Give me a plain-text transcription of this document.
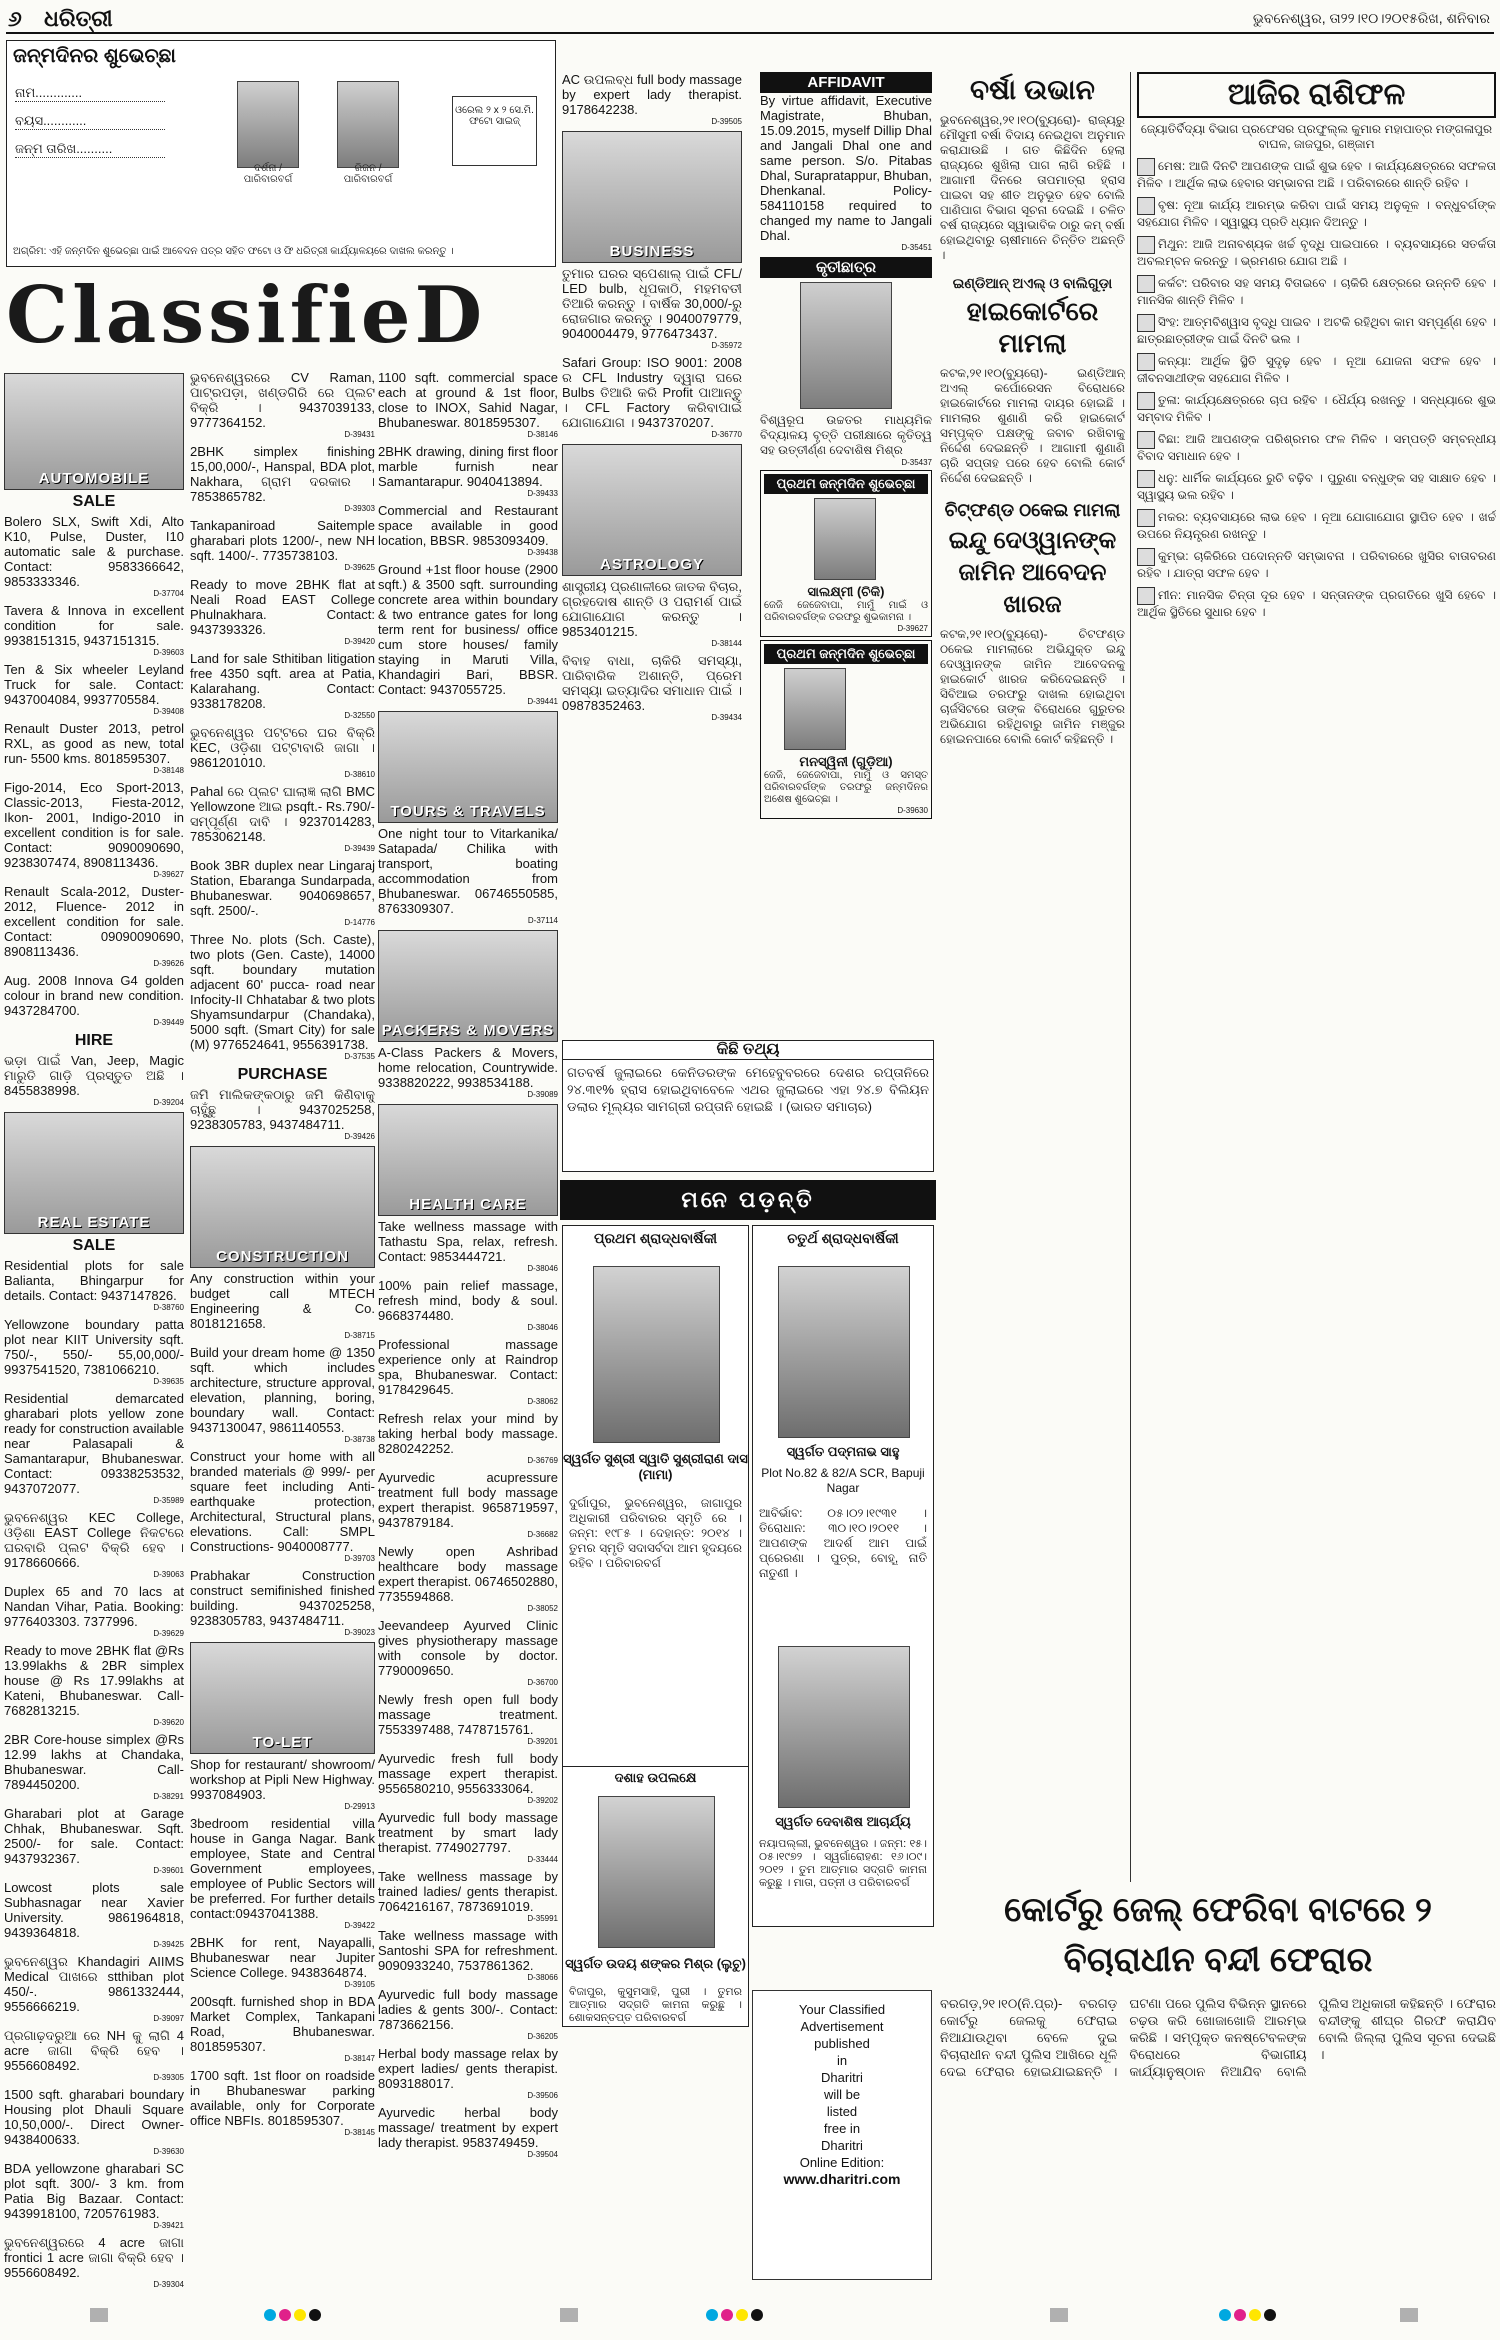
୬ ଧରିତ୍ରୀ	ଭୁବନେଶ୍ୱର, ତା୨୨।୧୦।୨୦୧୫ରିଖ, ଶନିବାର
ଜନ୍ମଦିନର ଶୁଭେଚ୍ଛା
ନାମ.............
ବୟସ............
ଜନ୍ମ ତାରିଖ..........
ଦର୍ଶନା / ପାରିବାରବର୍ଗ
ରିଜନ / ପାରିବାରବର୍ଗ
ଓରେଲ ୨ x ୨ ସେ.ମି. ଫଟୋ ସାଇଜ୍
ଅଗ୍ରିମ: ଏହି ଜନ୍ମଦିନ ଶୁଭେଚ୍ଛା ପାଇଁ ଆବେଦନ ପତ୍ର ସହିତ ଫଟୋ ଓ ଫି ଧରିତ୍ରୀ କାର୍ଯ୍ୟାଳୟରେ ଦାଖଲ କରନ୍ତୁ ।
ClassifieD
AUTOMOBILE
SALE
Bolero SLX, Swift Xdi, Alto K10, Pulse, Duster, I10 automatic sale & purchase. Contact: 9583366642, 9853333346.
D-37704
Tavera & Innova in excellent condition for sale. 9938151315, 9437151315.
D-39603
Ten & Six wheeler Leyland Truck for sale. Contact: 9437004084, 9937705584.
D-39408
Renault Duster 2013, petrol RXL, as good as new, total run- 5500 kms. 8018595307.
D-38148
Figo-2014, Eco Sport-2013, Classic-2013, Fiesta-2012, Ikon- 2001, Indigo-2010 in excellent condition is for sale. Contact: 9090090690, 9238307474, 8908113436.
D-39627
Renault Scala-2012, Duster-2012, Fluence- 2012 in excellent condition for sale. Contact: 09090090690, 8908113436.
D-39626
Aug. 2008 Innova G4 golden colour in brand new condition. 9437284700.
D-39449
HIRE
ଭଡ଼ା ପାଇଁ Van, Jeep, Magic ମାରୁତି ଗାଡ଼ି ପ୍ରସ୍ତୁତ ଅଛି । 8455838998.
D-39204
REAL ESTATE
SALE
Residential plots for sale Balianta, Bhingarpur for details. Contact: 9437147826.
D-38760
Yellowzone boundary patta plot near KIIT University sqft. 750/-, 550/- 55,00,000/- 9937541520, 7381066210.
D-39635
Residential demarcated gharabari plots yellow zone ready for construction available near Palasapali & Samantarapur, Bhubaneswar. Contact: 09338253532, 9437072077.
D-35989
ଭୁବନେଶ୍ୱର KEC College, ଓଡ଼ିଶା EAST College ନିକଟରେ ଘରବାରି ପ୍ଲଟ ବିକ୍ରି ହେବ । 9178660666.
D-39063
Duplex 65 and 70 lacs at Nandan Vihar, Patia. Booking: 9776403303. 7377996.
D-39629
Ready to move 2BHK flat @Rs 13.99lakhs & 2BR simplex house @ Rs 17.99lakhs at Kateni, Bhubaneswar. Call- 7682813215.
D-39620
2BR Core-house simplex @Rs 12.99 lakhs at Chandaka, Bhubaneswar. Call-7894450200.
D-38291
Gharabari plot at Garage Chhak, Bhubaneswar. Sqft. 2500/- for sale. Contact: 9437932367.
D-39601
Lowcost plots sale Subhasnagar near Xavier University. 9861964818, 9439364818.
D-39425
ଭୁବନେଶ୍ୱର Khandagiri AIIMS Medical ପାଖରେ stthiban plot 450/-. 9861332444, 9556666219.
D-39097
ପ୍ରଗାଢ଼ଦରୁଆ ରେ NH କୁ ଲାଗି 4 acre ଜାଗା ବିକ୍ରି ହେବ । 9556608492.
D-39305
1500 sqft. gharabari boundary Housing plot Dhauli Square 10,50,000/-. Direct Owner- 9438400633.
D-39630
BDA yellowzone gharabari SC plot sqft. 300/- 3 km. from Patia Big Bazaar. Contact: 9439918100, 7205761983.
D-39421
ଭୁବନେଶ୍ୱରରେ 4 acre ଜାଗା frontici 1 acre ଜାଗା ବିକ୍ରି ହେବ । 9556608492.
D-39304
ଭୁବନେଶ୍ୱରରେ CV Raman, ପାଟ୍ରପଡ଼ା, ଖଣ୍ଡଗିରି ରେ ପ୍ଲଟ ବିକ୍ରି । 9437039133, 9777364152.
D-39431
2BHK simplex finishing 15,00,000/-, Hanspal, BDA plot, Nakhara, ଗ୍ରାମ ଦରକାର । 7853865782.
D-39303
Tankapaniroad Saitemple gharabari plots 1200/-, new NH sqft. 1400/-. 7735738103.
D-39625
Ready to move 2BHK flat at Neali Road EAST College Phulnakhara. Contact: 9437393326.
D-39420
Land for sale Sthitiban litigation free 4350 sqft. area at Patia, Kalarahang. Contact: 9338178208.
D-32550
ଭୁବନେଶ୍ୱର ପଟ୍ଟରେ ଘର ବିକ୍ରି KEC, ଓଡ଼ିଶା ପଟ୍ଟାବାରି ଜାଗା । 9861201010.
D-38610
Pahal ରେ ପ୍ଲଟ ଘାଲାଜ୍ଞ ଲାଗି BMC Yellowzone ଆଇ psqft.- Rs.790/- ସମ୍ପୂର୍ଣ୍ଣ ଦାବି । 9237014283, 7853062148.
D-39439
Book 3BR duplex near Lingaraj Station, Ebaranga Sundarpada, Bhubaneswar. 9040698657, sqft. 2500/-.
D-14776
Three No. plots (Sch. Caste), two plots (Gen. Caste), 14000 sqft. boundary mutation adjacent 60' pucca- road near Infocity-II Chhatabar & two plots Shyamsundarpur (Chandaka), 5000 sqft. (Smart City) for sale (M) 9776524641, 9556391738.
D-37535
PURCHASE
ଜମି ମାଲିକଙ୍କଠାରୁ ଜମି କିଣିବାକୁ ଚାହୁଁଛୁ । 9437025258, 9238305783, 9437484711.
D-39426
CONSTRUCTION
Any construction within your budget call MTECH Engineering & Co. 8018121658.
D-38715
Build your dream home @ 1350 sqft. which includes architecture, structure approval, elevation, planning, boring, boundary wall. Contact: 9437130047, 9861140553.
D-38738
Construct your home with all branded materials @ 999/- per square feet including Anti-earthquake protection, Architectural, Structural plans, elevations. Call: SMPL Constructions- 9040008777.
D-39703
Prabhakar Construction construct semifinished finished building. 9437025258, 9238305783, 9437484711.
D-39023
TO-LET
Shop for restaurant/ showroom/ workshop at Pipli New Highway. 9937084903.
D-29913
3bedroom residential villa house in Ganga Nagar. Bank employee, State and Central Government employees, employee of Public Sectors will be preferred. For further details contact:09437041388.
D-39422
2BHK for rent, Nayapalli, Bhubaneswar near Jupiter Science College. 9438364874.
D-39105
200sqft. furnished shop in BDA Market Complex, Tankapani Road, Bhubaneswar. 8018595307.
D-38147
1700 sqft. 1st floor on roadside in Bhubaneswar parking available, only for Corporate office NBFIs. 8018595307.
D-38145
1100 sqft. commercial space each at ground & 1st floor, close to INOX, Sahid Nagar, Bhubaneswar. 8018595307.
D-38146
2BHK drawing, dining first floor marble furnish near Samantarapur. 9040413894.
D-39433
Commercial and Restaurant space available in good location, BBSR. 9853093409.
D-39438
Ground +1st floor house (2900 sqft.) & 3500 sqft. surrounding concrete area within boundary & two entrance gates for long term rent for business/ office cum store houses/ family staying in Maruti Villa, Khandagiri Bari, BBSR. Contact: 9437055725.
D-39441
TOURS & TRAVELS
One night tour to Vitarkanika/ Satapada/ Chilika with transport, boating accommodation from Bhubaneswar. 06746550585, 8763309307.
D-37114
PACKERS & MOVERS
A-Class Packers & Movers, home relocation, Countrywide. 9338820222, 9938534188.
D-39089
HEALTH CARE
Take wellness massage with Tathastu Spa, relax, refresh. Contact: 9853444721.
D-38046
100% pain relief massage, refresh mind, body & soul. 9668374480.
D-38046
Professional massage experience only at Raindrop spa, Bhubaneswar. Contact: 9178429645.
D-38062
Refresh relax your mind by taking herbal body massage. 8280242252.
D-36769
Ayurvedic acupressure treatment full body massage expert therapist. 9658719597, 9437879184.
D-36682
Newly open Ashribad healthcare body massage expert therapist. 06746502880, 7735594868.
D-38052
Jeevandeep Ayurved Clinic gives physiotherapy massage with console by doctor. 7790009650.
D-36700
Newly fresh open full body massage treatment. 7553397488, 7478715761.
D-39201
Ayurvedic fresh full body massage expert therapist. 9556580210, 9556333064.
D-39202
Ayurvedic full body massage treatment by smart lady therapist. 7749027797.
D-33444
Take wellness massage by trained ladies/ gents therapist. 7064216167, 7873691019.
D-35991
Take wellness massage with Santoshi SPA for refreshment. 9090933240, 7537861362.
D-38066
Ayurvedic full body massage ladies & gents 300/-. Contact: 7873662156.
D-36205
Herbal body massage relax by expert ladies/ gents therapist. 8093188017.
D-39506
Ayurvedic herbal body massage/ treatment by expert lady therapist. 9583749459.
D-39504
AC ଉପଲବ୍ଧ full body massage by expert lady therapist. 9178642238.
D-39505
BUSINESS
ତୁମାର ଘରର ସ୍ପେଶାଲ୍ ପାଇଁ CFL/ LED bulb, ଧୂପକାଠି, ମହମବତୀ ତିଆରି କରନ୍ତୁ । ବାର୍ଷିକ 30,000/-ରୁ ରୋଜଗାର କରନ୍ତୁ । 9040079779, 9040004479, 9776473437.
D-35972
Safari Group: ISO 9001: 2008 ର CFL Industry ଦ୍ୱାରା ଘରେ Bulbs ତିଆରି କରି Profit ପାଆନ୍ତୁ । CFL Factory କରିବାପାଇଁ ଯୋଗାଯୋଗ । 9437370207.
D-36770
ASTROLOGY
ଶାସ୍ତ୍ରୀୟ ପ୍ରଣାଳୀରେ ଜାତକ ବିଚାର, ଗ୍ରହଦୋଷ ଶାନ୍ତି ଓ ପରାମର୍ଶ ପାଇଁ ଯୋଗାଯୋଗ କରନ୍ତୁ । 9853401215.
D-38144
ବିବାହ ବାଧା, ଚାକିରି ସମସ୍ୟା, ପାରିବାରିକ ଅଶାନ୍ତି, ପ୍ରେମ ସମସ୍ୟା ଇତ୍ୟାଦିର ସମାଧାନ ପାଇଁ । 09878352463.
D-39434
AFFIDAVIT
By virtue affidavit, Executive Magistrate, Bhuban, 15.09.2015, myself Dillip Dhal and Jangali Dhal one and same person. S/o. Pitabas Dhal, Surapratappur, Bhuban, Dhenkanal. Policy-584110158 required to changed my name to Jangali Dhal.
D-35451
କୃତୀଛାତ୍ର
ବିଶ୍ୱରୂପ ଉଚ୍ଚତର ମାଧ୍ୟମିକ ବିଦ୍ୟାଳୟ ବୃତ୍ତି ପରୀକ୍ଷାରେ କୃତିତ୍ୱ ସହ ଉତ୍ତୀର୍ଣ୍ଣ ଦେବାଶିଷ ମିଶ୍ର
D-35437
ପ୍ରଥମ ଜନ୍ମଦିନ ଶୁଭେଚ୍ଛା
ସାଲକ୍ଷ୍ମୀ (ଚିକି)
ଜେଜି ଜେଜେବାପା, ମାମୁଁ ମାଇଁ ଓ ପରିବାରବର୍ଗଙ୍କ ତରଫରୁ ଶୁଭକାମନା ।
D-39627
ପ୍ରଥମ ଜନ୍ମଦିନ ଶୁଭେଚ୍ଛା
ମନସ୍ୱିନୀ (ଗୁଡ଼ିଆ)
ଜେଜି, ଜେଜେବାପା, ମାମୁଁ ଓ ସମସ୍ତ ପରିବାରବର୍ଗଙ୍କ ତରଫରୁ ଜନ୍ମଦିନର ଅଶେଷ ଶୁଭେଚ୍ଛା ।
D-39630
କିଛି ତଥ୍ୟ
ଗତବର୍ଷ ଜୁଲାଇରେ କେନିଡରଙ୍କ ମେହେବୁବରରେ ଦେଶର ରପ୍ତାନିରେ ୨୪.୩୧% ହ୍ରାସ ହୋଇଥିବାବେଳେ ଏଥର ଜୁଲାଇରେ ଏହା ୨୪.୭ ବିଲିୟନ ଡଲାର ମୂଲ୍ୟର ସାମଗ୍ରୀ ରପ୍ତାନି ହୋଇଛି । (ଭାରତ ସମାଚାର)
ମନେ ପଡ଼ନ୍ତି
ପ୍ରଥମ ଶ୍ରାଦ୍ଧବାର୍ଷିକୀ
ସ୍ୱର୍ଗତ ସୁଶ୍ରୀ ସ୍ୱାତି ସୁଶ୍ରୀରାଣ ଦାସ (ମାମା)
ଦୁର୍ଗାପୁର, ଭୁବନେଶ୍ୱର, ଜାଗାପୁର ଅଧିକାରୀ ପରିବାରର ସ୍ମୃତି ରେ । ଜନ୍ମ: ୧୯୮୫ । ଦେହାନ୍ତ: ୨୦୧୪ । ତୁମର ସ୍ମୃତି ସଦାସର୍ବଦା ଆମ ହୃଦୟରେ ରହିବ । ପରିବାରବର୍ଗ
ଦଶାହ ଉପଲକ୍ଷେ
ସ୍ୱର୍ଗତ ଉଦୟ ଶଙ୍କର ମିଶ୍ର (ଲୁଚୁ)
ବିଜାପୁର, କୁସୁମସାହି, ପୁରୀ । ତୁମର ଆତ୍ମାର ସଦ୍ଗତି କାମନା କରୁଛୁ । ଶୋକସନ୍ତପ୍ତ ପରିବାରବର୍ଗ
ଚତୁର୍ଥ ଶ୍ରାଦ୍ଧବାର୍ଷିକୀ
ସ୍ୱର୍ଗତ ପଦ୍ମନାଭ ସାହୁ
Plot No.82 & 82/A SCR, Bapuji Nagar
ଆବିର୍ଭାବ: ୦୫।୦୨।୧୯୩୧ । ତିରୋଧାନ: ୩୦।୧୦।୨୦୧୧ । ଆପଣଙ୍କ ଆଦର୍ଶ ଆମ ପାଇଁ ପ୍ରେରଣା । ପୁତ୍ର, ବୋହୂ, ନାତି ନାତୁଣୀ ।
ସ୍ୱର୍ଗତ ଦେବାଶିଷ ଆଚାର୍ଯ୍ୟ
ନୟାପଲ୍ଲୀ, ଭୁବନେଶ୍ୱର । ଜନ୍ମ: ୧୫।୦୫।୧୯୭୨ । ସ୍ୱର୍ଗାରୋହଣ: ୧୬।୦୯।୨୦୧୨ । ତୁମ ଆତ୍ମାର ସଦ୍ଗତି କାମନା କରୁଛୁ । ମାତା, ପତ୍ନୀ ଓ ପରିବାରବର୍ଗ
Your Classified
Advertisement
published
in
Dharitri
will be
listed
free in
Dharitri
Online Edition:
www.dharitri.com
ବର୍ଷା ଉଭାନ
ଭୁବନେଶ୍ୱର,୨୧।୧୦(ବ୍ୟୁରୋ)- ରାଜ୍ୟରୁ ମୌସୁମୀ ବର୍ଷା ବିଦାୟ ନେଇଥିବା ଅନୁମାନ କରାଯାଉଛି । ଗତ କିଛିଦିନ ହେଲା ରାଜ୍ୟରେ ଶୁଖିଲା ପାଗ ଲାଗି ରହିଛି । ଆଗାମୀ ଦିନରେ ତାପମାତ୍ରା ହ୍ରାସ ପାଇବା ସହ ଶୀତ ଅନୁଭୂତ ହେବ ବୋଲି ପାଣିପାଗ ବିଭାଗ ସୂଚନା ଦେଇଛି । ଚଳିତ ବର୍ଷ ରାଜ୍ୟରେ ସ୍ୱାଭାବିକ ଠାରୁ କମ୍ ବର୍ଷା ହୋଇଥିବାରୁ ଚାଷୀମାନେ ଚିନ୍ତିତ ଅଛନ୍ତି ।
ଇଣ୍ଡିଆନ୍ ଅଏଲ୍ ଓ ବାଲିଗୁଡ଼ା
ହାଇକୋର୍ଟରେ ମାମଲା
କଟକ,୨୧।୧୦(ବ୍ୟୁରୋ)- ଇଣ୍ଡିଆନ୍ ଅଏଲ୍ କର୍ପୋରେସନ ବିରୋଧରେ ହାଇକୋର୍ଟରେ ମାମଲା ଦାୟର ହୋଇଛି । ମାମଲାର ଶୁଣାଣି କରି ହାଇକୋର୍ଟ ସମ୍ପୃକ୍ତ ପକ୍ଷଙ୍କୁ ଜବାବ ରଖିବାକୁ ନିର୍ଦ୍ଦେଶ ଦେଇଛନ୍ତି । ଆଗାମୀ ଶୁଣାଣି ଚାରି ସପ୍ତାହ ପରେ ହେବ ବୋଲି କୋର୍ଟ ନିର୍ଦ୍ଦେଶ ଦେଇଛନ୍ତି ।
ଚିଟ୍‌ଫଣ୍ଡ ଠକେଇ ମାମଲା
ଇନ୍ଦୁ ଦେଓ୍ୱାନଙ୍କ ଜାମିନ ଆବେଦନ ଖାରଜ
କଟକ,୨୧।୧୦(ବ୍ୟୁରୋ)- ଚିଟଫଣ୍ଡ ଠକେଇ ମାମଲାରେ ଅଭିଯୁକ୍ତ ଇନ୍ଦୁ ଦେଓ୍ୱାନଙ୍କ ଜାମିନ ଆବେଦନକୁ ହାଇକୋର୍ଟ ଖାରଜ କରିଦେଇଛନ୍ତି । ସିବିଆଇ ତରଫରୁ ଦାଖଲ ହୋଇଥିବା ଚାର୍ଜସିଟରେ ତାଙ୍କ ବିରୋଧରେ ଗୁରୁତର ଅଭିଯୋଗ ରହିଥିବାରୁ ଜାମିନ ମଞ୍ଜୁର ହୋଇନପାରେ ବୋଲି କୋର୍ଟ କହିଛନ୍ତି ।
ଆଜିର ରାଶିଫଳ
ଜ୍ୟୋତିର୍ବିଦ୍ୟା ବିଭାଗ ପ୍ରଫେସର ପ୍ରଫୁଲ୍ଲ କୁମାର ମହାପାତ୍ର ମଙ୍ଗଳାପୁର ବାଘଳ, ଜାଜପୁର, ଗଞ୍ଜାମ
ମେଷ: ଆଜି ଦିନଟି ଆପଣଙ୍କ ପାଇଁ ଶୁଭ ହେବ । କାର୍ଯ୍ୟକ୍ଷେତ୍ରରେ ସଫଳତା ମିଳିବ । ଆର୍ଥିକ ଲାଭ ହେବାର ସମ୍ଭାବନା ଅଛି । ପରିବାରରେ ଶାନ୍ତି ରହିବ ।
ବୃଷ: ନୂଆ କାର୍ଯ୍ୟ ଆରମ୍ଭ କରିବା ପାଇଁ ସମୟ ଅନୁକୂଳ । ବନ୍ଧୁବର୍ଗଙ୍କ ସହଯୋଗ ମିଳିବ । ସ୍ୱାସ୍ଥ୍ୟ ପ୍ରତି ଧ୍ୟାନ ଦିଅନ୍ତୁ ।
ମିଥୁନ: ଆଜି ଅନାବଶ୍ୟକ ଖର୍ଚ୍ଚ ବୃଦ୍ଧି ପାଇପାରେ । ବ୍ୟବସାୟରେ ସତର୍କତା ଅବଲମ୍ବନ କରନ୍ତୁ । ଭ୍ରମଣର ଯୋଗ ଅଛି ।
କର୍କଟ: ପରିବାର ସହ ସମୟ ବିତାଇବେ । ଚାକିରି କ୍ଷେତ୍ରରେ ଉନ୍ନତି ହେବ । ମାନସିକ ଶାନ୍ତି ମିଳିବ ।
ସିଂହ: ଆତ୍ମବିଶ୍ୱାସ ବୃଦ୍ଧି ପାଇବ । ଅଟକି ରହିଥିବା କାମ ସମ୍ପୂର୍ଣ୍ଣ ହେବ । ଛାତ୍ରଛାତ୍ରୀଙ୍କ ପାଇଁ ଦିନଟି ଭଲ ।
କନ୍ୟା: ଆର୍ଥିକ ସ୍ଥିତି ସୁଦୃଢ଼ ହେବ । ନୂଆ ଯୋଜନା ସଫଳ ହେବ । ଜୀବନସାଥୀଙ୍କ ସହଯୋଗ ମିଳିବ ।
ତୁଳା: କାର୍ଯ୍ୟକ୍ଷେତ୍ରରେ ଚାପ ରହିବ । ଧୈର୍ଯ୍ୟ ରଖନ୍ତୁ । ସନ୍ଧ୍ୟାରେ ଶୁଭ ସମ୍ବାଦ ମିଳିବ ।
ବିଛା: ଆଜି ଆପଣଙ୍କ ପରିଶ୍ରମର ଫଳ ମିଳିବ । ସମ୍ପତ୍ତି ସମ୍ବନ୍ଧୀୟ ବିବାଦ ସମାଧାନ ହେବ ।
ଧନୁ: ଧାର୍ମିକ କାର୍ଯ୍ୟରେ ରୁଚି ବଢ଼ିବ । ପୁରୁଣା ବନ୍ଧୁଙ୍କ ସହ ସାକ୍ଷାତ ହେବ । ସ୍ୱାସ୍ଥ୍ୟ ଭଲ ରହିବ ।
ମକର: ବ୍ୟବସାୟରେ ଲାଭ ହେବ । ନୂଆ ଯୋଗାଯୋଗ ସ୍ଥାପିତ ହେବ । ଖର୍ଚ୍ଚ ଉପରେ ନିୟନ୍ତ୍ରଣ ରଖନ୍ତୁ ।
କୁମ୍ଭ: ଚାକିରିରେ ପଦୋନ୍ନତି ସମ୍ଭାବନା । ପରିବାରରେ ଖୁସିର ବାତାବରଣ ରହିବ । ଯାତ୍ରା ସଫଳ ହେବ ।
ମୀନ: ମାନସିକ ଚିନ୍ତା ଦୂର ହେବ । ସନ୍ତାନଙ୍କ ପ୍ରଗତିରେ ଖୁସି ହେବେ । ଆର୍ଥିକ ସ୍ଥିତିରେ ସୁଧାର ହେବ ।
କୋର୍ଟରୁ ଜେଲ୍ ଫେରିବା ବାଟରେ ୨ ବିଚାରାଧୀନ ବନ୍ଦୀ ଫେରାର
ବରଗଡ଼,୨୧।୧୦(ନି.ପ୍ର)- ବରଗଡ଼ କୋର୍ଟରୁ ଜେଲକୁ ଫେରାଇ ନିଆଯାଉଥିବା ବେଳେ ଦୁଇ ବିଚାରାଧୀନ ବନ୍ଦୀ ପୁଲିସ ଆଖିରେ ଧୂଳି ଦେଇ ଫେରାର ହୋଇଯାଇଛନ୍ତି । ଘଟଣା ପରେ ପୁଲିସ ବିଭିନ୍ନ ସ୍ଥାନରେ ଚଢ଼ଉ କରି ଖୋଜାଖୋଜି ଆରମ୍ଭ କରିଛି । ସମ୍ପୃକ୍ତ କନଷ୍ଟେବଳଙ୍କ ବିରୋଧରେ ବିଭାଗୀୟ କାର୍ଯ୍ୟାନୁଷ୍ଠାନ ନିଆଯିବ ବୋଲି ପୁଲିସ ଅଧିକାରୀ କହିଛନ୍ତି । ଫେରାର ବନ୍ଦୀଙ୍କୁ ଶୀଘ୍ର ଗିରଫ କରାଯିବ ବୋଲି ଜିଲ୍ଲା ପୁଲିସ ସୂଚନା ଦେଇଛି ।
